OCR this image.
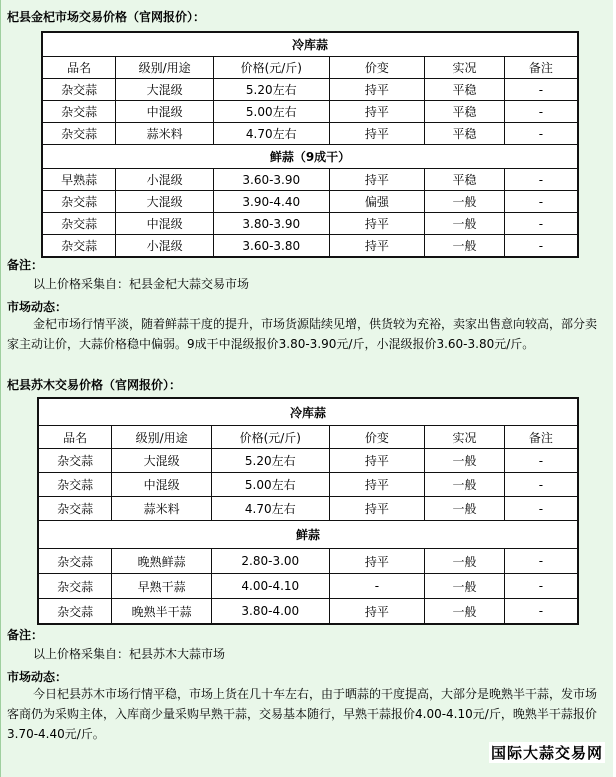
杞县金杞市场交易价格（官网报价）：
冷库蒜					
品名	级别/用途	价格(元/斤)	价变	实况	备注
杂交蒜	大混级	5.20左右	持平	平稳	-
杂交蒜	中混级	5.00左右	持平	平稳	-
杂交蒜	蒜米料	4.70左右	持平	平稳	-
鲜蒜（9成干）					
早熟蒜	小混级	3.60-3.90	持平	平稳	-
杂交蒜	大混级	3.90-4.40	偏强	一般	-
杂交蒜	中混级	3.80-3.90	持平	一般	-
杂交蒜	小混级	3.60-3.80	持平	一般	-
备注：
以上价格采集自：杞县金杞大蒜交易市场
市场动态：
金杞市场行情平淡，随着鲜蒜干度的提升，市场货源陆续见增，供货较为充裕，卖家出售意向较高，部分卖家主动让价，大蒜价格稳中偏弱。9成干中混级报价3.80-3.90元/斤，小混级报价3.60-3.80元/斤。
杞县苏木交易价格（官网报价）：
冷库蒜					
品名	级别/用途	价格(元/斤)	价变	实况	备注
杂交蒜	大混级	5.20左右	持平	一般	-
杂交蒜	中混级	5.00左右	持平	一般	-
杂交蒜	蒜米料	4.70左右	持平	一般	-
鲜蒜					
杂交蒜	晚熟鲜蒜	2.80-3.00	持平	一般	-
杂交蒜	早熟干蒜	4.00-4.10	-	一般	-
杂交蒜	晚熟半干蒜	3.80-4.00	持平	一般	-
备注：
以上价格采集自：杞县苏木大蒜市场
市场动态：
今日杞县苏木市场行情平稳，市场上货在几十车左右，由于晒蒜的干度提高，大部分是晚熟半干蒜，发市场客商仍为采购主体，入库商少量采购早熟干蒜，交易基本随行，早熟干蒜报价4.00-4.10元/斤，晚熟半干蒜报价3.70-4.40元/斤。
国际大蒜交易网
